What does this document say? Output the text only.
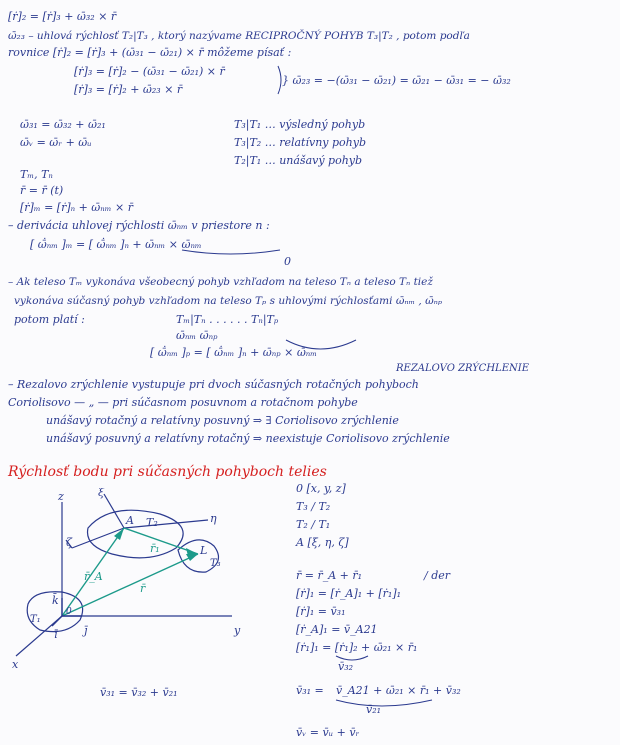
[ṙ]₂ = [ṙ]₃ + ω̄₃₂ × r̄
ω̄₂₃ – uhlová rýchlosť T₂|T₃ , ktorý nazývame RECIPROČNÝ POHYB T₃|T₂ , potom podľa
rovnice [ṙ]₂ = [ṙ]₃ + (ω̄₃₁ − ω̄₂₁) × r̄ môžeme písať :
[ṙ]₃ = [ṙ]₂ − (ω̄₃₁ − ω̄₂₁) × r̄
[ṙ]₃ = [ṙ]₂ + ω̄₂₃ × r̄
} ω̄₂₃ = −(ω̄₃₁ − ω̄₂₁) = ω̄₂₁ − ω̄₃₁ = − ω̄₃₂
ω̄₃₁ = ω̄₃₂ + ω̄₂₁
ω̄ᵥ = ω̄ᵣ + ω̄ᵤ
T₃|T₁ … výsledný pohyb
T₃|T₂ … relatívny pohyb
T₂|T₁ … unášavý pohyb
Tₘ, Tₙ
r̄ = r̄ (t)
[ṙ]ₘ = [ṙ]ₙ + ω̄ₙₘ × r̄
– derivácia uhlovej rýchlosti ω̄ₙₘ v priestore n :
[ ω̄̇ₙₘ ]ₘ = [ ω̄̇ₙₘ ]ₙ + ω̄ₙₘ × ω̄ₙₘ
0
– Ak teleso Tₘ vykonáva všeobecný pohyb vzhľadom na teleso Tₙ a teleso Tₙ tiež
vykonáva súčasný pohyb vzhľadom na teleso Tₚ s uhlovými rýchlosťami ω̄ₙₘ , ω̄ₙₚ
potom platí :	Tₘ|Tₙ . . . . . . Tₙ|Tₚ
ω̄ₙₘ ω̄ₙₚ
[ ω̄̇ₙₘ ]ₚ = [ ω̄̇ₙₘ ]ₙ + ω̄ₙₚ × ω̄ₙₘ
REZALOVO ZRÝCHLENIE
– Rezalovo zrýchlenie vystupuje pri dvoch súčasných rotačných pohyboch
Coriolisovo — „ — pri súčasnom posuvnom a rotačnom pohybe
unášavý rotačný a relatívny posuvný ⇒ ∃ Coriolisovo zrýchlenie
unášavý posuvný a relatívny rotačný ⇒ neexistuje Coriolisovo zrýchlenie
Rýchlosť bodu pri súčasných pohyboch telies
z	ξ
A T₂	η
ζ	r̄₁	L
T₃
r̄_A
r̄
k̄
0
T₁
ī j̄	y
x
0 [x, y, z]
T₃ / T₂
T₂ / T₁
A [ξ, η, ζ]
r̄ = r̄_A + r̄₁	/ der
[ṙ]₁ = [ṙ_A]₁ + [ṙ₁]₁
[ṙ]₁ = v̄₃₁
[ṙ_A]₁ = v̄_A21
[ṙ₁]₁ = [ṙ₁]₂ + ω̄₂₁ × r̄₁
v̄₃₂
v̄₃₁ = v̄_A21 + ω̄₂₁ × r̄₁ + v̄₃₂
v̄₂₁
v̄ᵥ = v̄ᵤ + v̄ᵣ
v̄₃₁ = v̄₃₂ + v̄₂₁
